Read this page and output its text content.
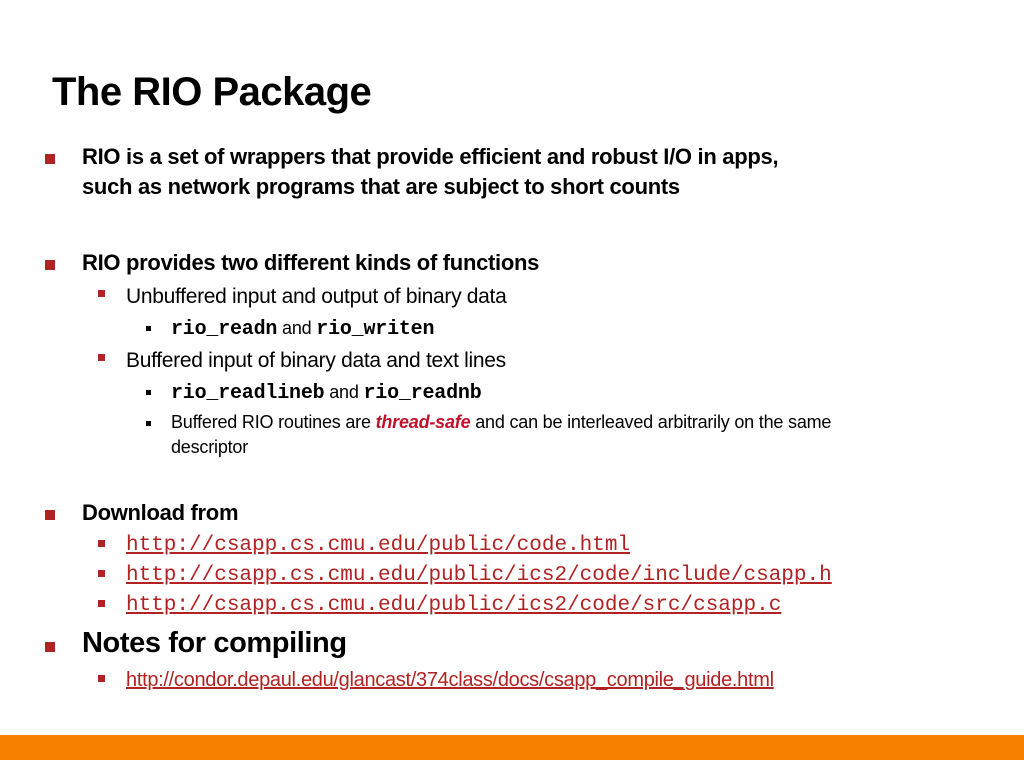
The RIO Package
RIO is a set of wrappers that provide efficient and robust I/O in apps,
such as network programs that are subject to short counts
RIO provides two different kinds of functions
Unbuffered input and output of binary data
rio_readn and rio_writen
Buffered input of binary data and text lines
rio_readlineb and rio_readnb
Buffered RIO routines are thread-safe and can be interleaved arbitrarily on the same
descriptor
Download from
http://csapp.cs.cmu.edu/public/code.html
http://csapp.cs.cmu.edu/public/ics2/code/include/csapp.h
http://csapp.cs.cmu.edu/public/ics2/code/src/csapp.c
Notes for compiling
http://condor.depaul.edu/glancast/374class/docs/csapp_compile_guide.html
